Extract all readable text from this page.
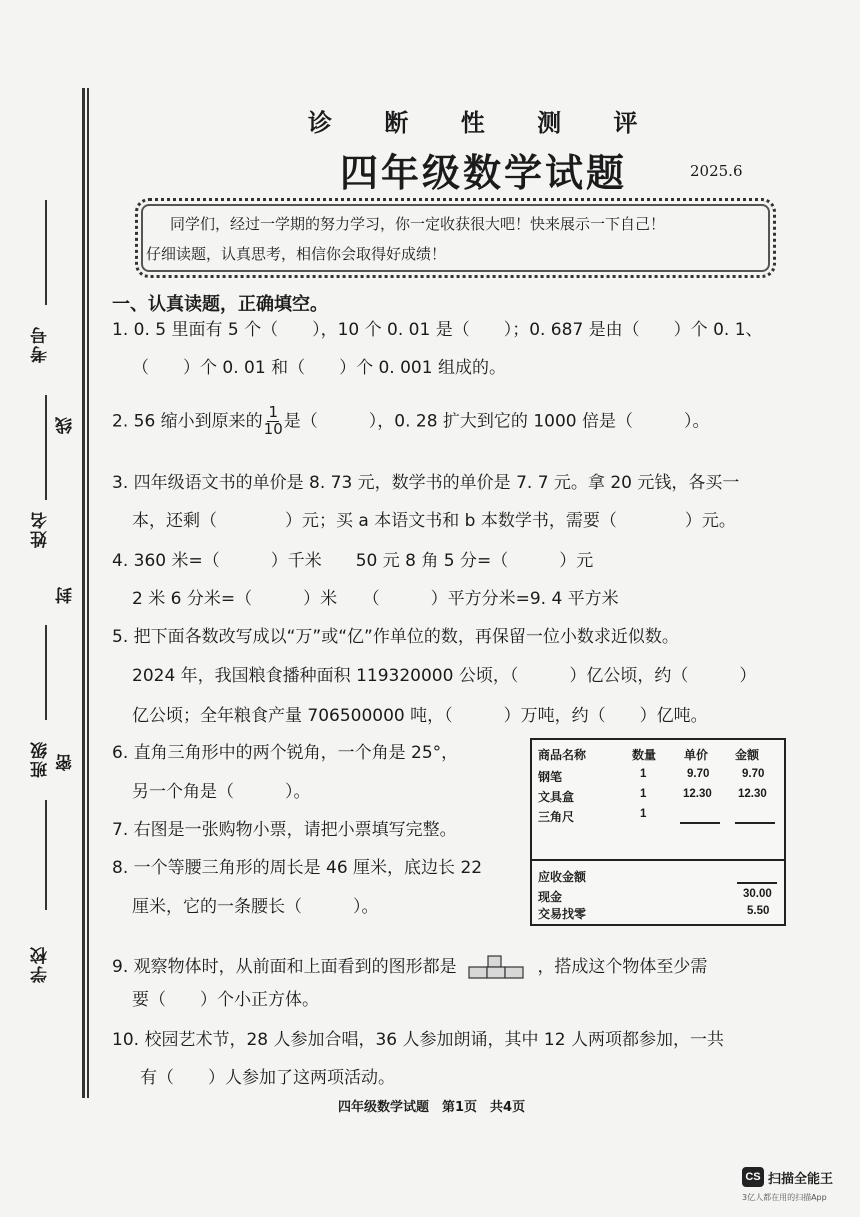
考号
线
姓名
封
班级 密
学校
诊 断 性 测 评
四年级数学试题	2025.6
同学们，经过一学期的努力学习，你一定收获很大吧！快来展示一下自己！
仔细读题，认真思考，相信你会取得好成绩！
一、认真读题，正确填空。
1. 0. 5 里面有 5 个（　　），10 个 0. 01 是（　　）；0. 687 是由（　　）个 0. 1、
（　　）个 0. 01 和（　　）个 0. 001 组成的。
2. 56 缩小到原来的 $\frac{1}{10}$ 是（　　　），0. 28 扩大到它的 1000 倍是（　　　）。
3. 四年级语文书的单价是 8. 73 元，数学书的单价是 7. 7 元。拿 20 元钱，各买一
本，还剩（　　　　）元；买 a 本语文书和 b 本数学书，需要（　　　　）元。
4. 360 米=（　　　）千米　　50 元 8 角 5 分=（　　　）元
2 米 6 分米=（　　　）米　　（　　　）平方分米=9. 4 平方米
5. 把下面各数改写成以“万”或“亿”作单位的数，再保留一位小数求近似数。
2024 年，我国粮食播种面积 119320000 公顷，（　　　）亿公顷，约（　　　）
亿公顷；全年粮食产量 706500000 吨，（　　　）万吨，约（　　）亿吨。
6. 直角三角形中的两个锐角，一个角是 25°，
另一个角是（　　　）。
7. 右图是一张购物小票，请把小票填写完整。
8. 一个等腰三角形的周长是 46 厘米，底边长 22
厘米，它的一条腰长（　　　）。
商品名称	数量 单价 金额
钢笔	1	9.70	9.70
文具盒	1	12.30 12.30
三角尺	1
应收金额
现金	30.00
交易找零	5.50
9. 观察物体时，从前面和上面看到的图形都是	，搭成这个物体至少需
要（　　）个小正方体。
10. 校园艺术节，28 人参加合唱，36 人参加朗诵，其中 12 人两项都参加，一共
有（　　）人参加了这两项活动。
四年级数学试题　第1页　共4页
CS 扫描全能王
3亿人都在用的扫描App
